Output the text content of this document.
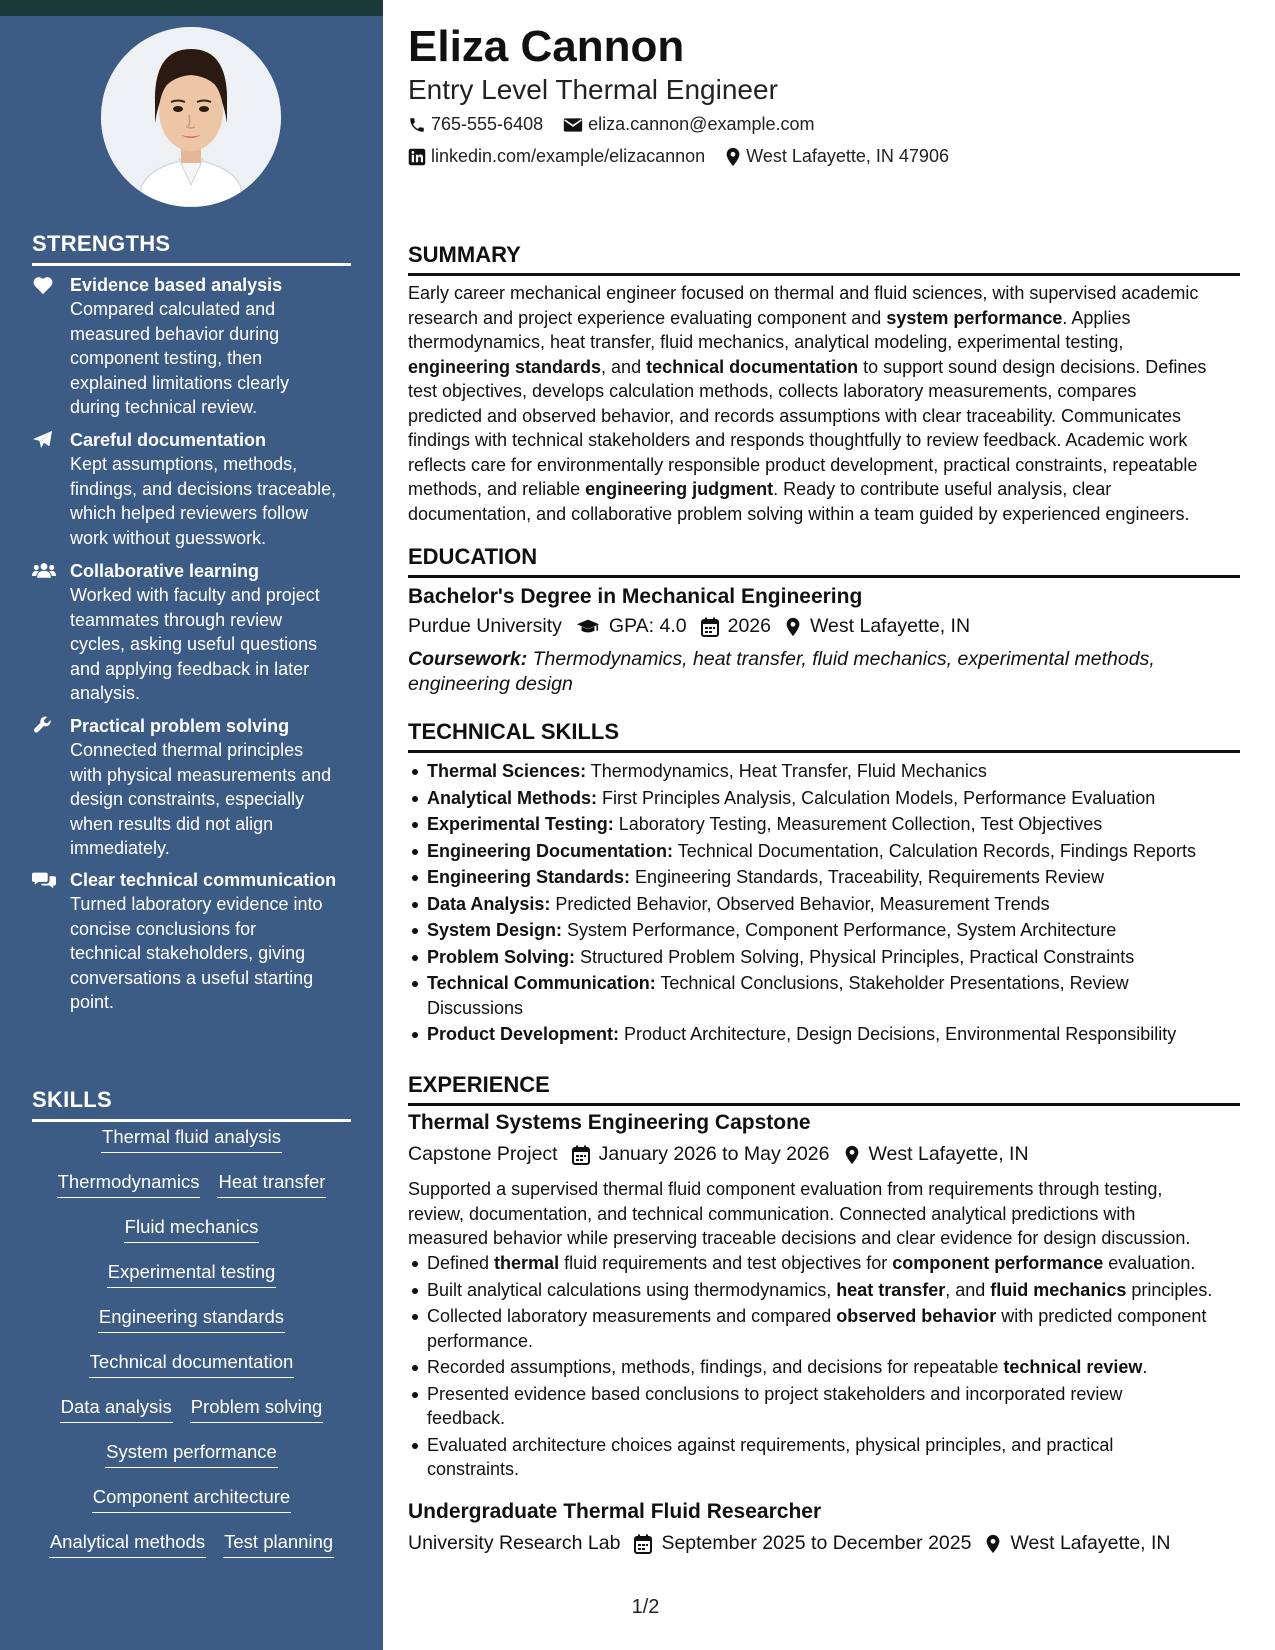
STRENGTHS
Evidence based analysis
Compared calculated and
measured behavior during
component testing, then
explained limitations clearly
during technical review.
Careful documentation
Kept assumptions, methods,
findings, and decisions traceable,
which helped reviewers follow
work without guesswork.
Collaborative learning
Worked with faculty and project
teammates through review
cycles, asking useful questions
and applying feedback in later
analysis.
Practical problem solving
Connected thermal principles
with physical measurements and
design constraints, especially
when results did not align
immediately.
Clear technical communication
Turned laboratory evidence into
concise conclusions for
technical stakeholders, giving
conversations a useful starting
point.
SKILLS
Thermal fluid analysis
Thermodynamics Heat transfer
Fluid mechanics
Experimental testing
Engineering standards
Technical documentation
Data analysis Problem solving
System performance
Component architecture
Analytical methods Test planning
Eliza Cannon
Entry Level Thermal Engineer
765-555-6408	eliza.cannon@example.com
linkedin.com/example/elizacannon West Lafayette, IN 47906
SUMMARY
Early career mechanical engineer focused on thermal and fluid sciences, with supervised academic
research and project experience evaluating component and system performance. Applies
thermodynamics, heat transfer, fluid mechanics, analytical modeling, experimental testing,
engineering standards, and technical documentation to support sound design decisions. Defines
test objectives, develops calculation methods, collects laboratory measurements, compares
predicted and observed behavior, and records assumptions with clear traceability. Communicates
findings with technical stakeholders and responds thoughtfully to review feedback. Academic work
reflects care for environmentally responsible product development, practical constraints, repeatable
methods, and reliable engineering judgment. Ready to contribute useful analysis, clear
documentation, and collaborative problem solving within a team guided by experienced engineers.
EDUCATION
Bachelor's Degree in Mechanical Engineering
Purdue University GPA: 4.0 2026 West Lafayette, IN
Coursework: Thermodynamics, heat transfer, fluid mechanics, experimental methods,
engineering design
TECHNICAL SKILLS
Thermal Sciences: Thermodynamics, Heat Transfer, Fluid Mechanics
Analytical Methods: First Principles Analysis, Calculation Models, Performance Evaluation
Experimental Testing: Laboratory Testing, Measurement Collection, Test Objectives
Engineering Documentation: Technical Documentation, Calculation Records, Findings Reports
Engineering Standards: Engineering Standards, Traceability, Requirements Review
Data Analysis: Predicted Behavior, Observed Behavior, Measurement Trends
System Design: System Performance, Component Performance, System Architecture
Problem Solving: Structured Problem Solving, Physical Principles, Practical Constraints
Technical Communication: Technical Conclusions, Stakeholder Presentations, Review
Discussions
Product Development: Product Architecture, Design Decisions, Environmental Responsibility
EXPERIENCE
Thermal Systems Engineering Capstone
Capstone Project January 2026 to May 2026 West Lafayette, IN
Supported a supervised thermal fluid component evaluation from requirements through testing,
review, documentation, and technical communication. Connected analytical predictions with
measured behavior while preserving traceable decisions and clear evidence for design discussion.
Defined thermal fluid requirements and test objectives for component performance evaluation.
Built analytical calculations using thermodynamics, heat transfer, and fluid mechanics principles.
Collected laboratory measurements and compared observed behavior with predicted component
performance.
Recorded assumptions, methods, findings, and decisions for repeatable technical review.
Presented evidence based conclusions to project stakeholders and incorporated review
feedback.
Evaluated architecture choices against requirements, physical principles, and practical
constraints.
Undergraduate Thermal Fluid Researcher
University Research Lab September 2025 to December 2025 West Lafayette, IN
1/2
